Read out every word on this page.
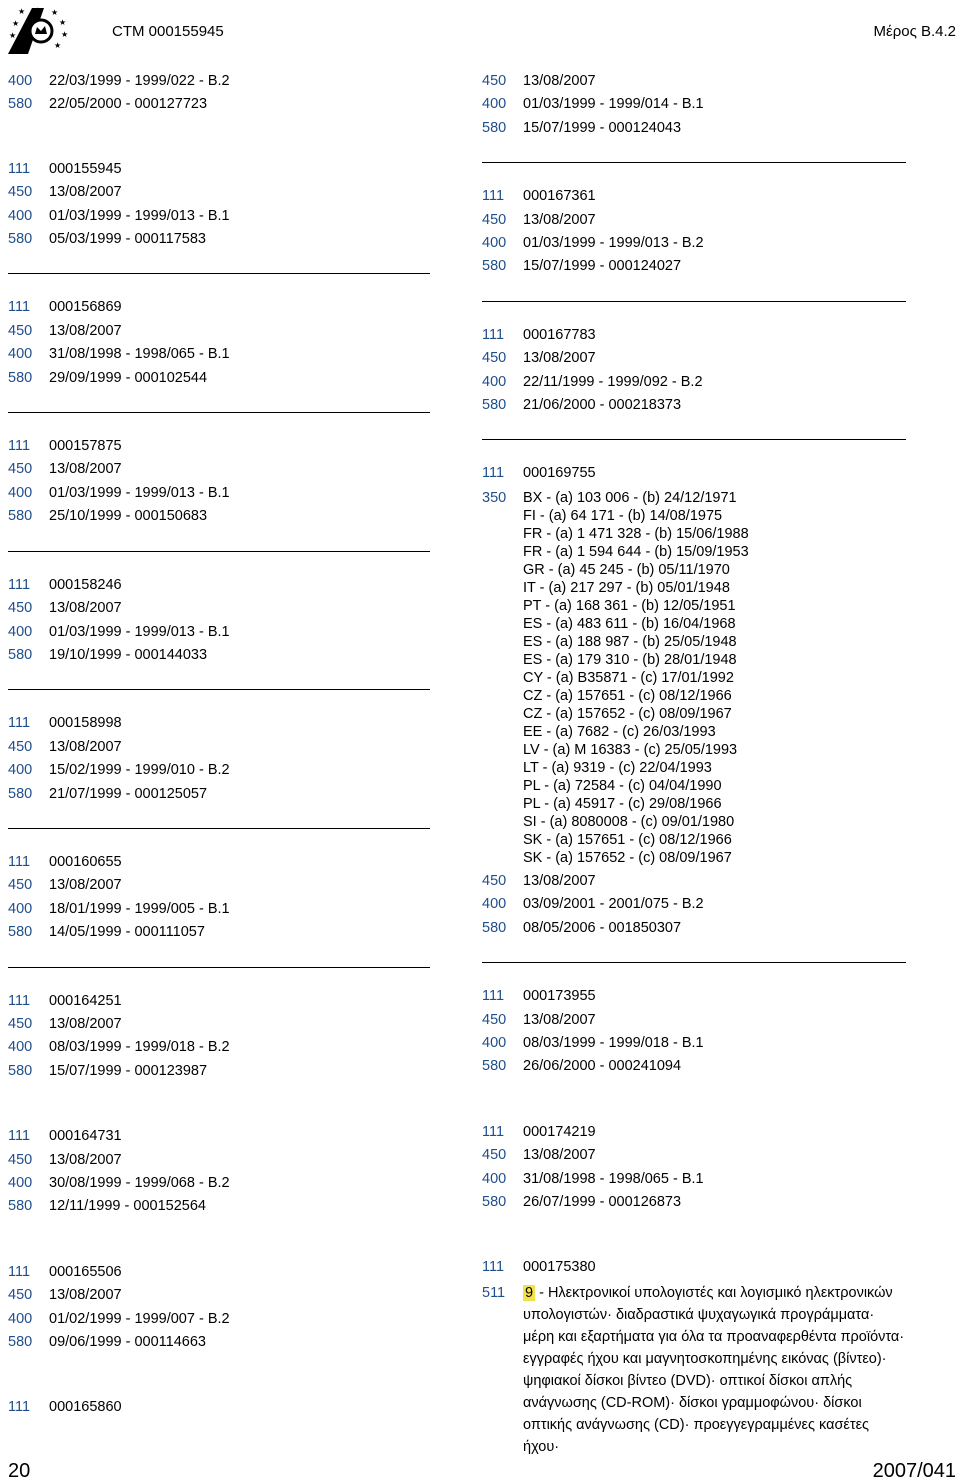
★ ★ ★
★
★
★
★
★	CTM 000155945	Μέρος Β.4.2
400	22/03/1999 - 1999/022 - B.2
580	22/05/2000 - 000127723
111	000155945
450	13/08/2007
400	01/03/1999 - 1999/013 - B.1
580	05/03/1999 - 000117583
111	000156869
450	13/08/2007
400	31/08/1998 - 1998/065 - B.1
580	29/09/1999 - 000102544
111	000157875
450	13/08/2007
400	01/03/1999 - 1999/013 - B.1
580	25/10/1999 - 000150683
111	000158246
450	13/08/2007
400	01/03/1999 - 1999/013 - B.1
580	19/10/1999 - 000144033
111	000158998
450	13/08/2007
400	15/02/1999 - 1999/010 - B.2
580	21/07/1999 - 000125057
111	000160655
450	13/08/2007
400	18/01/1999 - 1999/005 - B.1
580	14/05/1999 - 000111057
111	000164251
450	13/08/2007
400	08/03/1999 - 1999/018 - B.2
580	15/07/1999 - 000123987
111	000164731
450	13/08/2007
400	30/08/1999 - 1999/068 - B.2
580	12/11/1999 - 000152564
111	000165506
450	13/08/2007
400	01/02/1999 - 1999/007 - B.2
580	09/06/1999 - 000114663
111	000165860
450	13/08/2007
400	01/03/1999 - 1999/014 - B.1
580	15/07/1999 - 000124043
111	000167361
450	13/08/2007
400	01/03/1999 - 1999/013 - B.2
580	15/07/1999 - 000124027
111	000167783
450	13/08/2007
400	22/11/1999 - 1999/092 - B.2
580	21/06/2000 - 000218373
111	000169755
350	BX - (a) 103 006 - (b) 24/12/1971
FI - (a) 64 171 - (b) 14/08/1975
FR - (a) 1 471 328 - (b) 15/06/1988
FR - (a) 1 594 644 - (b) 15/09/1953
GR - (a) 45 245 - (b) 05/11/1970
IT - (a) 217 297 - (b) 05/01/1948
PT - (a) 168 361 - (b) 12/05/1951
ES - (a) 483 611 - (b) 16/04/1968
ES - (a) 188 987 - (b) 25/05/1948
ES - (a) 179 310 - (b) 28/01/1948
CY - (a) B35871 - (c) 17/01/1992
CZ - (a) 157651 - (c) 08/12/1966
CZ - (a) 157652 - (c) 08/09/1967
EE - (a) 7682 - (c) 26/03/1993
LV - (a) M 16383 - (c) 25/05/1993
LT - (a) 9319 - (c) 22/04/1993
PL - (a) 72584 - (c) 04/04/1990
PL - (a) 45917 - (c) 29/08/1966
SI - (a) 8080008 - (c) 09/01/1980
SK - (a) 157651 - (c) 08/12/1966
SK - (a) 157652 - (c) 08/09/1967
450	13/08/2007
400	03/09/2001 - 2001/075 - B.2
580	08/05/2006 - 001850307
111	000173955
450	13/08/2007
400	08/03/1999 - 1999/018 - B.1
580	26/06/2000 - 000241094
111	000174219
450	13/08/2007
400	31/08/1998 - 1998/065 - B.1
580	26/07/1999 - 000126873
111	000175380
511	9 - Ηλεκτρονικοί υπολογιστές και λογισμικό ηλεκτρονικών
υπολογιστών· διαδραστικά ψυχαγωγικά προγράμματα·
μέρη και εξαρτήματα για όλα τα προαναφερθέντα προϊόντα·
εγγραφές ήχου και μαγνητοσκοπημένης εικόνας (βίντεο)·
ψηφιακοί δίσκοι βίντεο (DVD)· οπτικοί δίσκοι απλής
ανάγνωσης (CD-ROM)· δίσκοι γραμμοφώνου· δίσκοι
οπτικής ανάγνωσης (CD)· προεγγεγραμμένες κασέτες ήχου·
20	2007/041
